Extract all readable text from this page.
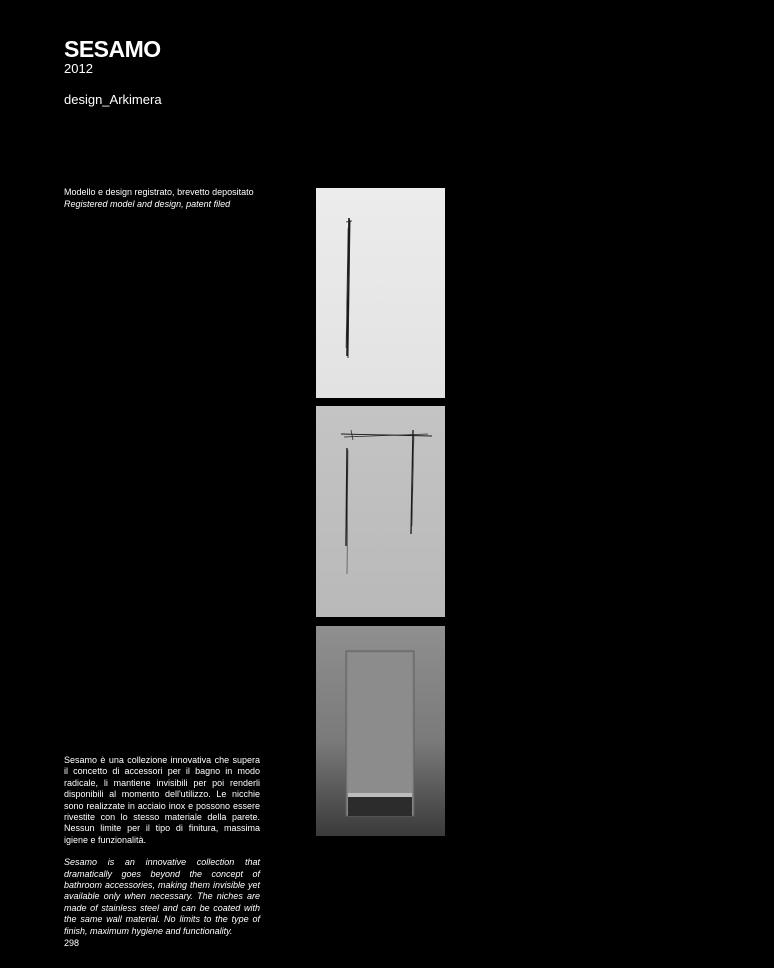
SESAMO
2012
design_Arkimera
Modello e design registrato, brevetto depositato
Registered model and design, patent filed

Sesamo è una collezione innovativa che supera il concetto di accessori per il bagno in modo radicale, li mantiene invisibili per poi renderli disponibili al momento dell'utilizzo. Le nicchie sono realizzate in acciaio inox e possono essere rivestite con lo stesso materiale della parete. Nessun limite per il tipo di finitura, massima igiene e funzionalità.

Sesamo is an innovative collection that dramatically goes beyond the concept of bathroom accessories, making them invisible yet available only when necessary. The niches are made of stainless steel and can be coated with the same wall material. No limits to the type of finish, maximum hygiene and functionality.

298
